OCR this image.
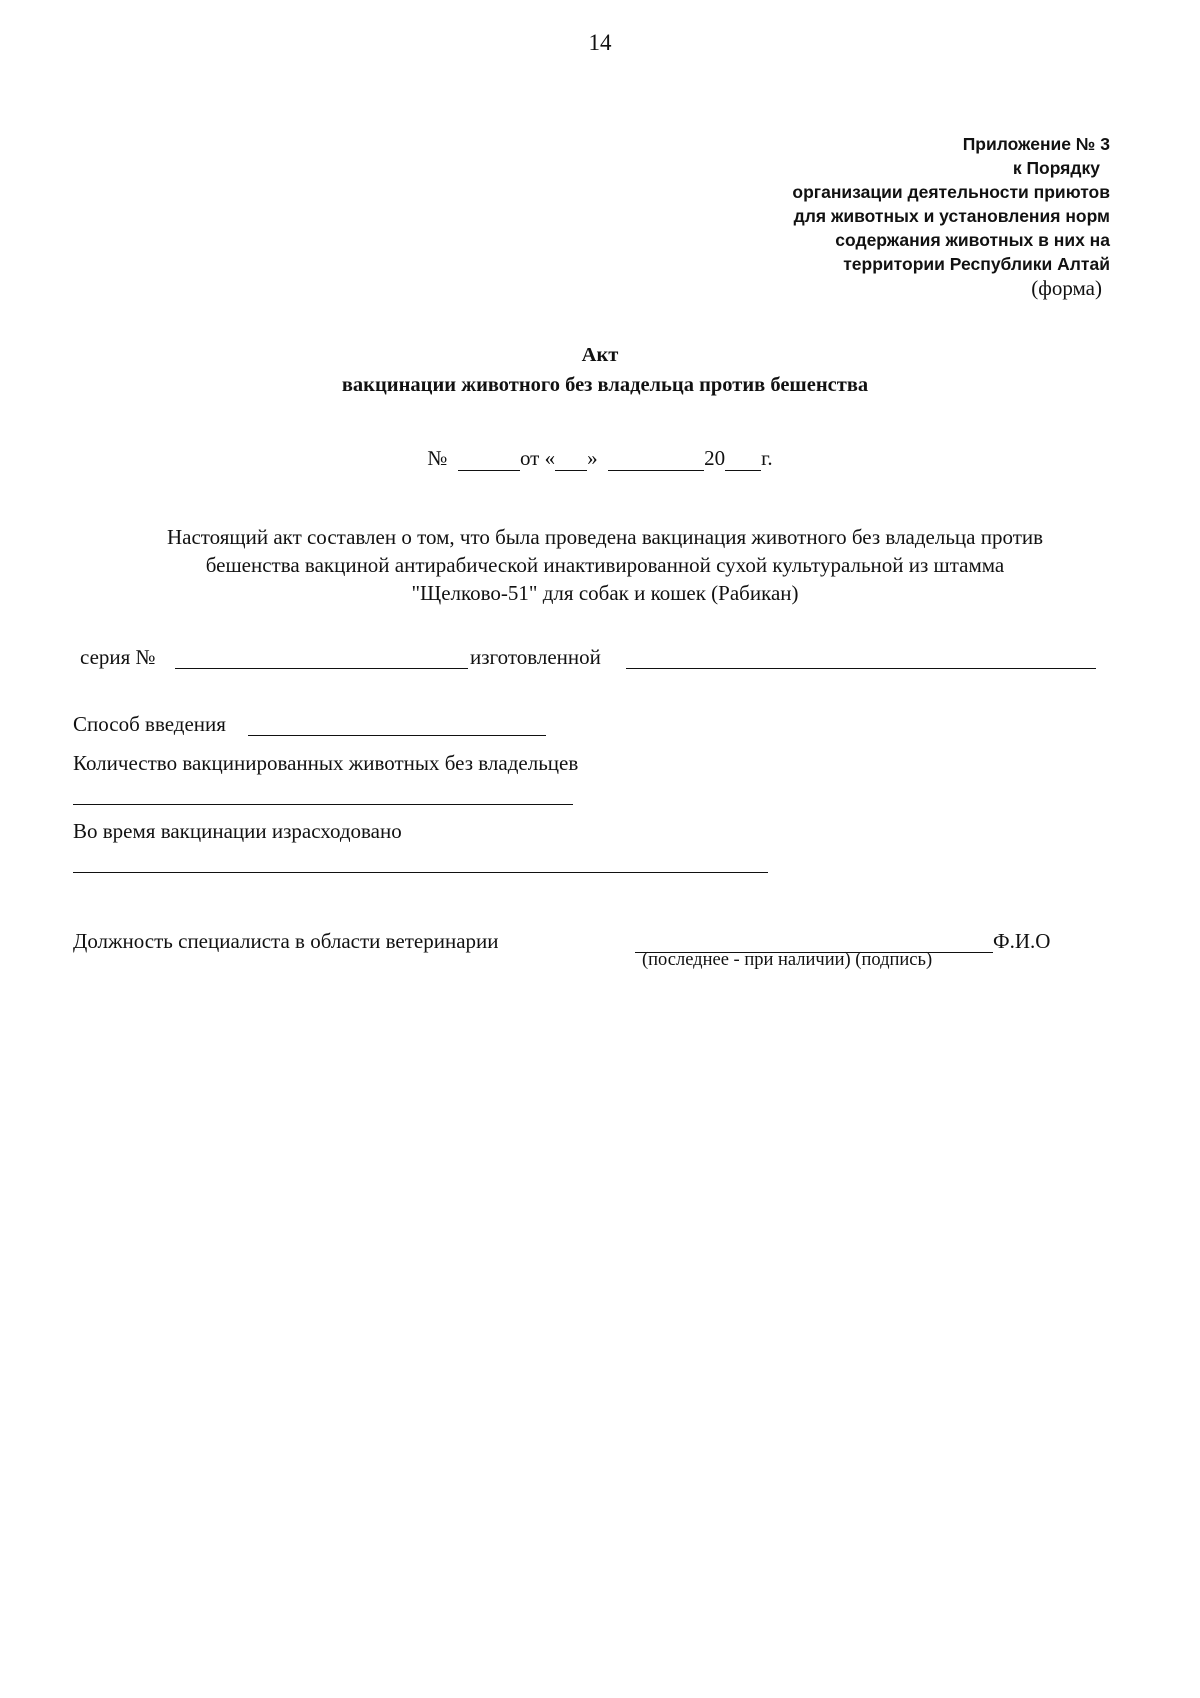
14
Приложение № 3
к Порядку
организации деятельности приютов
для животных и установления норм
содержания животных в них на
территории Республики Алтай
(форма)
Акт
вакцинации животного без владельца против бешенства
№	от « »	20 г.
Настоящий акт составлен о том, что была проведена вакцинация животного без владельца против
бешенства вакциной антирабической инактивированной сухой культуральной из штамма
"Щелково-51" для собак и кошек (Рабикан)
серия №	изготовленной
Способ введения
Количество вакцинированных животных без владельцев
Во время вакцинации израсходовано
Должность специалиста в области ветеринарии	Ф.И.О
(последнее - при наличии) (подпись)
